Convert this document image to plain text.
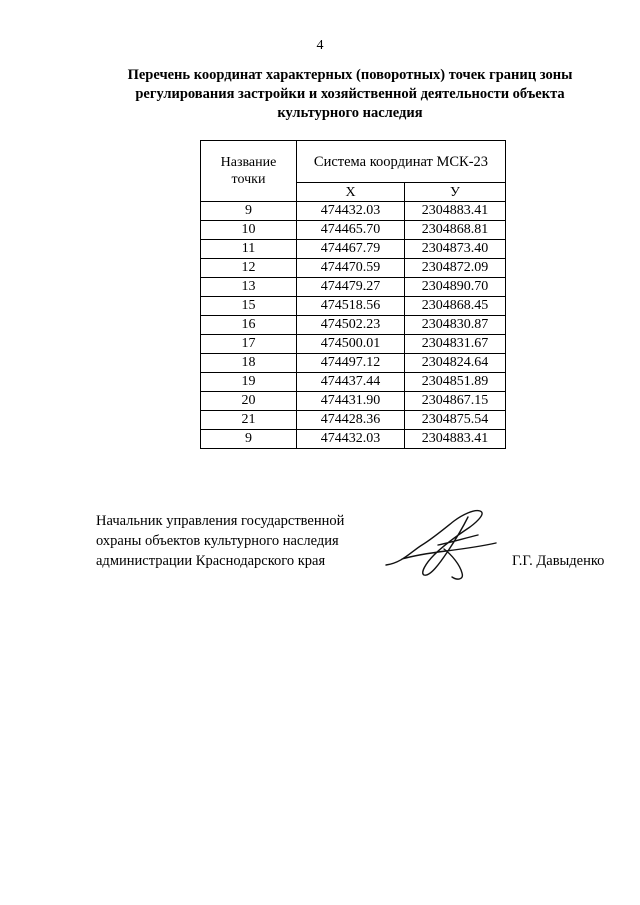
4
Перечень координат характерных (поворотных) точек границ зоны
регулирования застройки и хозяйственной деятельности объекта
культурного наследия
Название
точки	Система координат МСК-23	
	Х	У
9	474432.03	2304883.41
10	474465.70	2304868.81
11	474467.79	2304873.40
12	474470.59	2304872.09
13	474479.27	2304890.70
15	474518.56	2304868.45
16	474502.23	2304830.87
17	474500.01	2304831.67
18	474497.12	2304824.64
19	474437.44	2304851.89
20	474431.90	2304867.15
21	474428.36	2304875.54
9	474432.03	2304883.41
Начальник управления государственной
охраны объектов культурного наследия
администрации Краснодарского края	Г.Г. Давыденко
